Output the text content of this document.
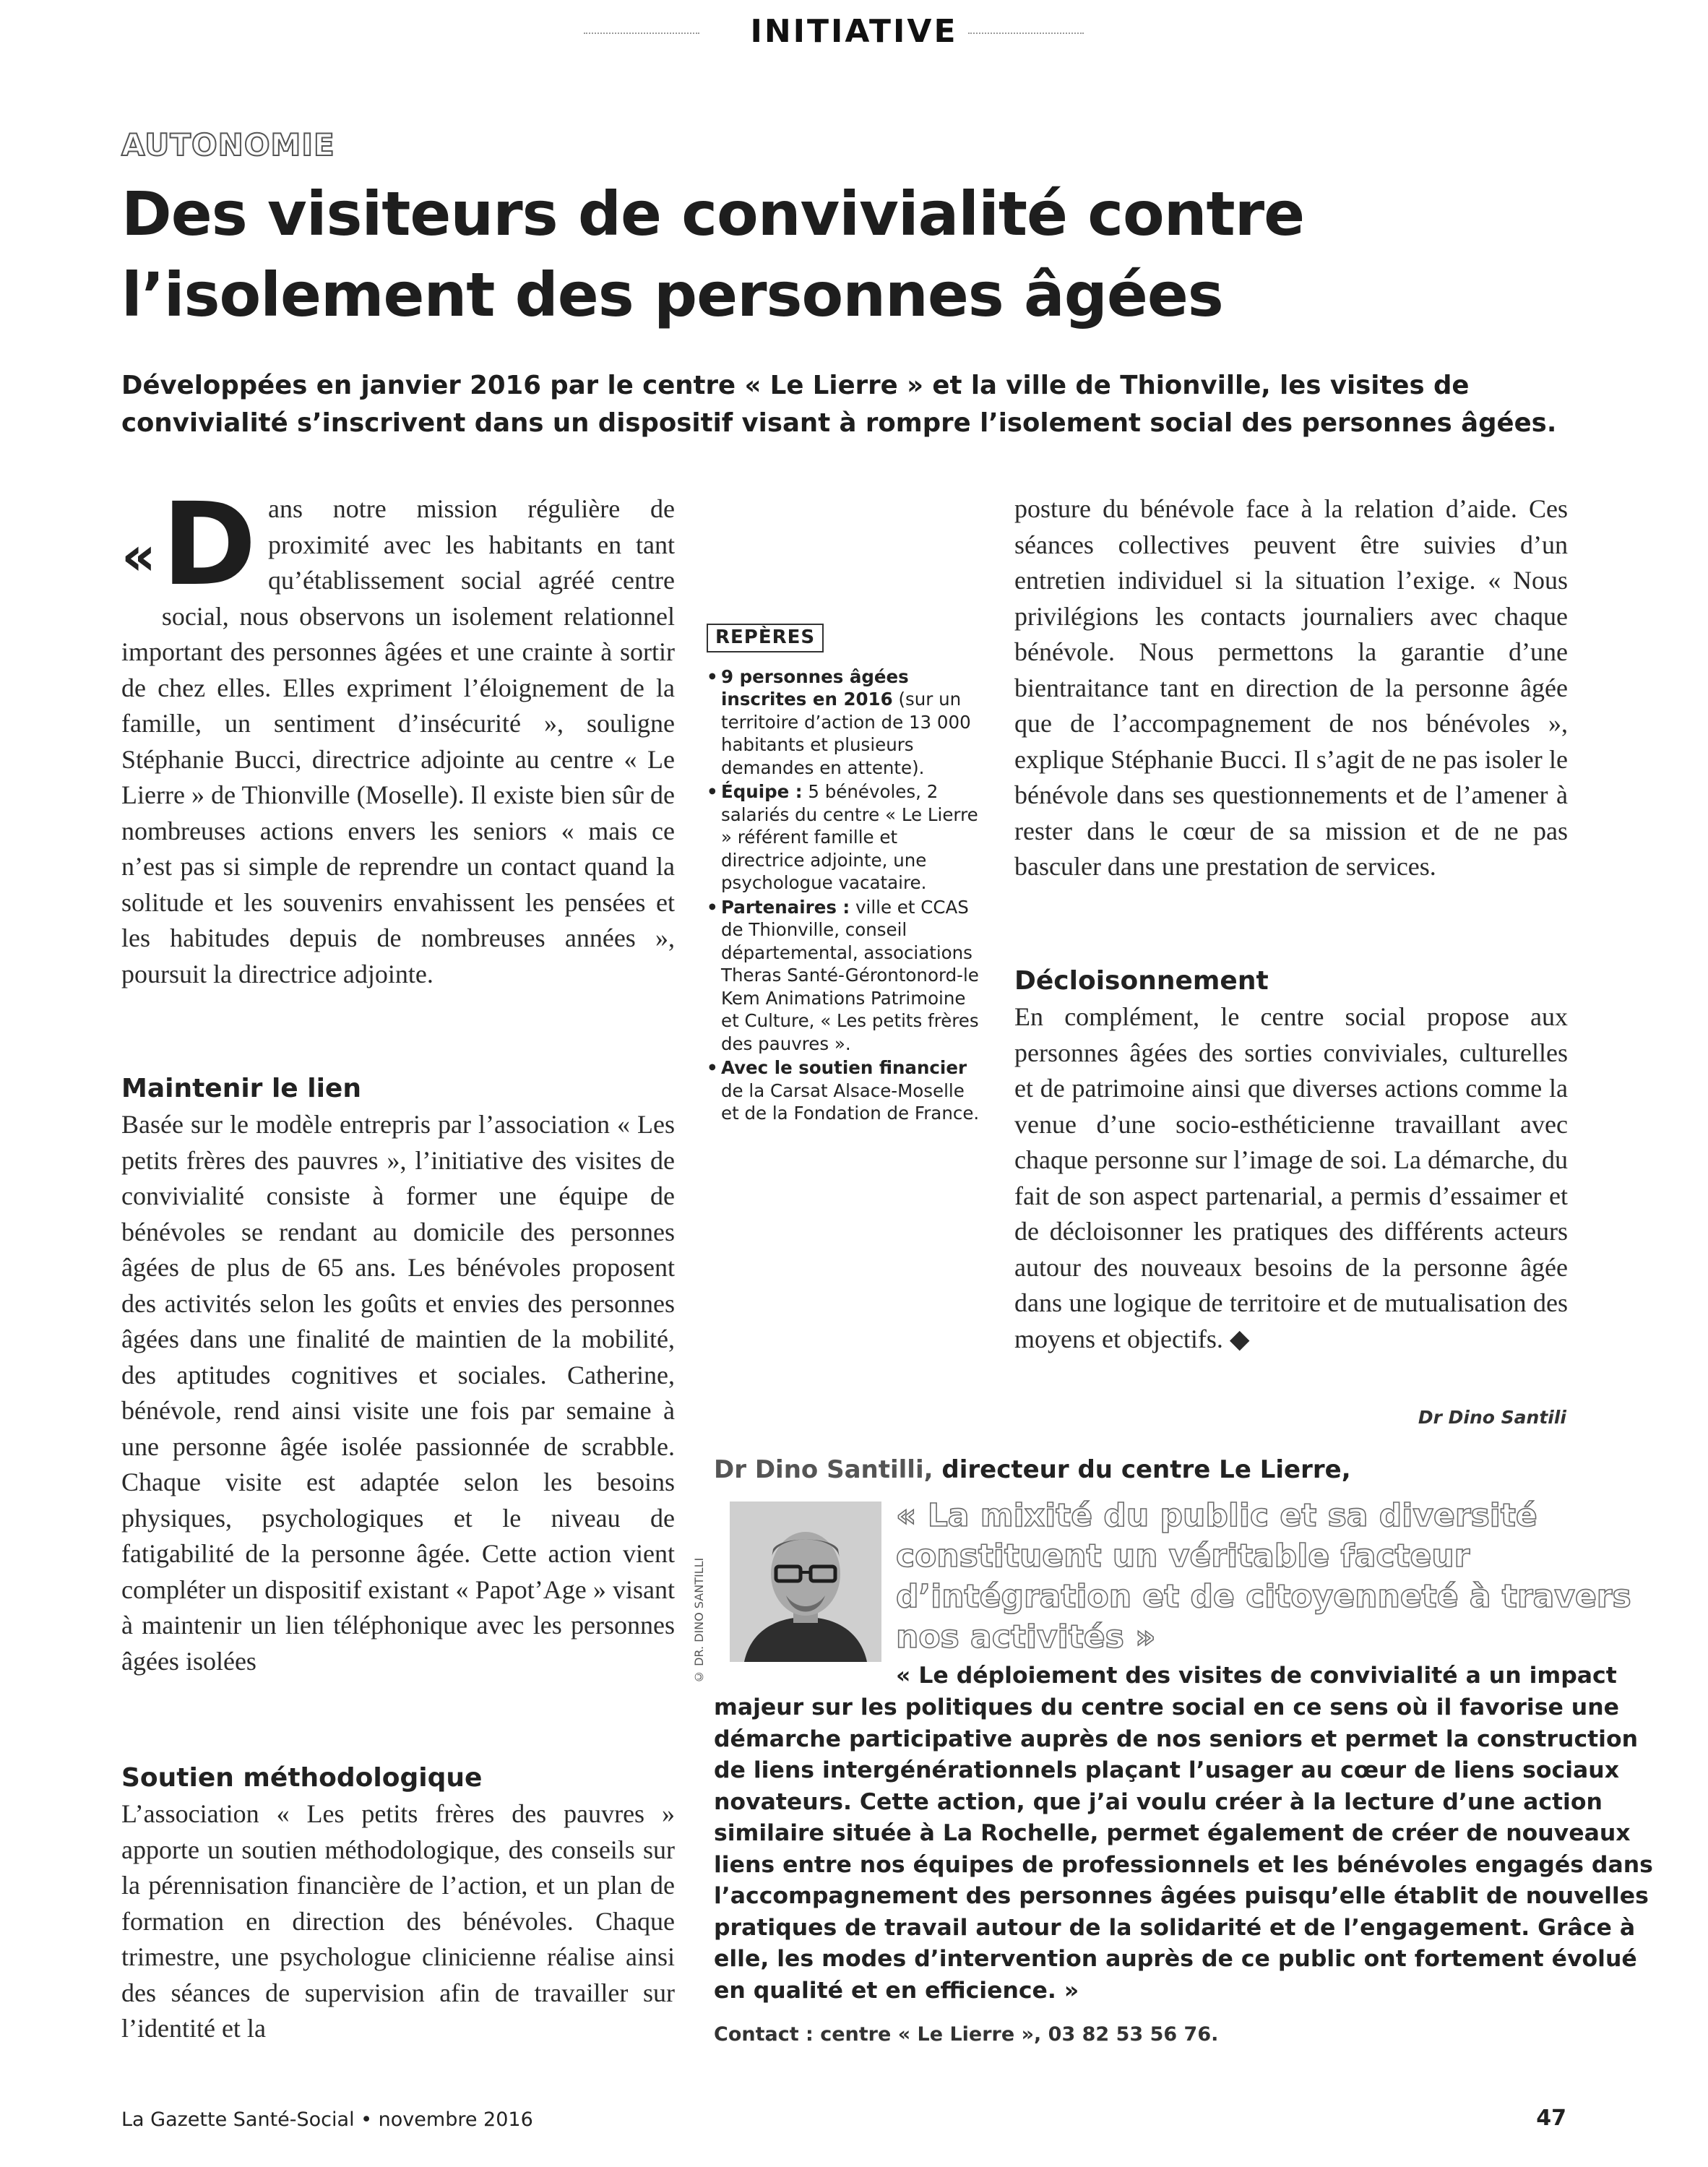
INITIATIVE
AUTONOMIE
Des visiteurs de convivialité contre
l’isolement des personnes âgées
Développées en janvier 2016 par le centre « Le Lierre » et la ville de Thionville, les visites de
convivialité s’inscrivent dans un dispositif visant à rompre l’isolement social des personnes âgées.
« D ans notre mission régulière de proximité avec les habitants en tant qu’établissement social agréé centre social, nous observons un isolement relationnel important des personnes âgées et une crainte à sortir de chez elles. Elles expriment l’éloignement de la famille, un sentiment d’insécurité », souligne Stéphanie Bucci, directrice adjointe au centre « Le Lierre » de Thionville (Moselle). Il existe bien sûr de nombreuses actions envers les seniors « mais ce n’est pas si simple de reprendre un contact quand la solitude et les souvenirs envahissent les pensées et les habitudes depuis de nombreuses années », poursuit la directrice adjointe.

Maintenir le lien

Basée sur le modèle entrepris par l’association « Les petits frères des pauvres », l’initiative des visites de convivialité consiste à former une équipe de bénévoles se rendant au domicile des personnes âgées de plus de 65 ans. Les bénévoles proposent des activités selon les goûts et envies des personnes âgées dans une finalité de maintien de la mobilité, des aptitudes cognitives et sociales. Catherine, bénévole, rend ainsi visite une fois par semaine à une personne âgée isolée passionnée de scrabble. Chaque visite est adaptée selon les besoins physiques, psychologiques et le niveau de fatigabilité de la personne âgée. Cette action vient compléter un dispositif existant « Papot’Age » visant à maintenir un lien téléphonique avec les personnes âgées isolées

Soutien méthodologique

L’association « Les petits frères des pauvres » apporte un soutien méthodologique, des conseils sur la pérennisation financière de l’action, et un plan de formation en direction des bénévoles. Chaque trimestre, une psychologue clinicienne réalise ainsi des séances de supervision afin de travailler sur l’identité et la

REPÈRES
• 9 personnes âgées inscrites en 2016 (sur un territoire d’action de 13 000 habitants et plusieurs demandes en attente).
• Équipe : 5 bénévoles, 2 salariés du centre « Le Lierre » référent famille et directrice adjointe, une psychologue vacataire.
• Partenaires : ville et CCAS de Thionville, conseil départemental, associations Theras Santé-Gérontonord-le Kem Animations Patrimoine et Culture, « Les petits frères des pauvres ».
• Avec le soutien financier de la Carsat Alsace-Moselle et de la Fondation de France.

posture du bénévole face à la relation d’aide. Ces séances collectives peuvent être suivies d’un entretien individuel si la situation l’exige. « Nous privilégions les contacts journaliers avec chaque bénévole. Nous permettons la garantie d’une bientraitance tant en direction de la personne âgée que de l’accompagnement de nos bénévoles », explique Stéphanie Bucci. Il s’agit de ne pas isoler le bénévole dans ses questionnements et de l’amener à rester dans le cœur de sa mission et de ne pas basculer dans une prestation de services.

Décloisonnement

En complément, le centre social propose aux personnes âgées des sorties conviviales, culturelles et de patrimoine ainsi que diverses actions comme la venue d’une socio-esthéticienne travaillant avec chaque personne sur l’image de soi. La démarche, du fait de son aspect partenarial, a permis d’essaimer et de décloisonner les pratiques des différents acteurs autour des nouveaux besoins de la personne âgée dans une logique de territoire et de mutualisation des moyens et objectifs. ◆

Dr Dino Santili
Dr Dino Santilli, directeur du centre Le Lierre,
© DR. DINO SANTILLI
« La mixité du public et sa diversité
constituent un véritable facteur
d’intégration et de citoyenneté à travers
nos activités »
« Le déploiement des visites de convivialité a un impact
majeur sur les politiques du centre social en ce sens où il favorise une
démarche participative auprès de nos seniors et permet la construction
de liens intergénérationnels plaçant l’usager au cœur de liens sociaux
novateurs. Cette action, que j’ai voulu créer à la lecture d’une action
similaire située à La Rochelle, permet également de créer de nouveaux
liens entre nos équipes de professionnels et les bénévoles engagés dans
l’accompagnement des personnes âgées puisqu’elle établit de nouvelles
pratiques de travail autour de la solidarité et de l’engagement. Grâce à
elle, les modes d’intervention auprès de ce public ont fortement évolué
en qualité et en efficience. »
Contact : centre « Le Lierre », 03 82 53 56 76.
La Gazette Santé-Social • novembre 2016	47
